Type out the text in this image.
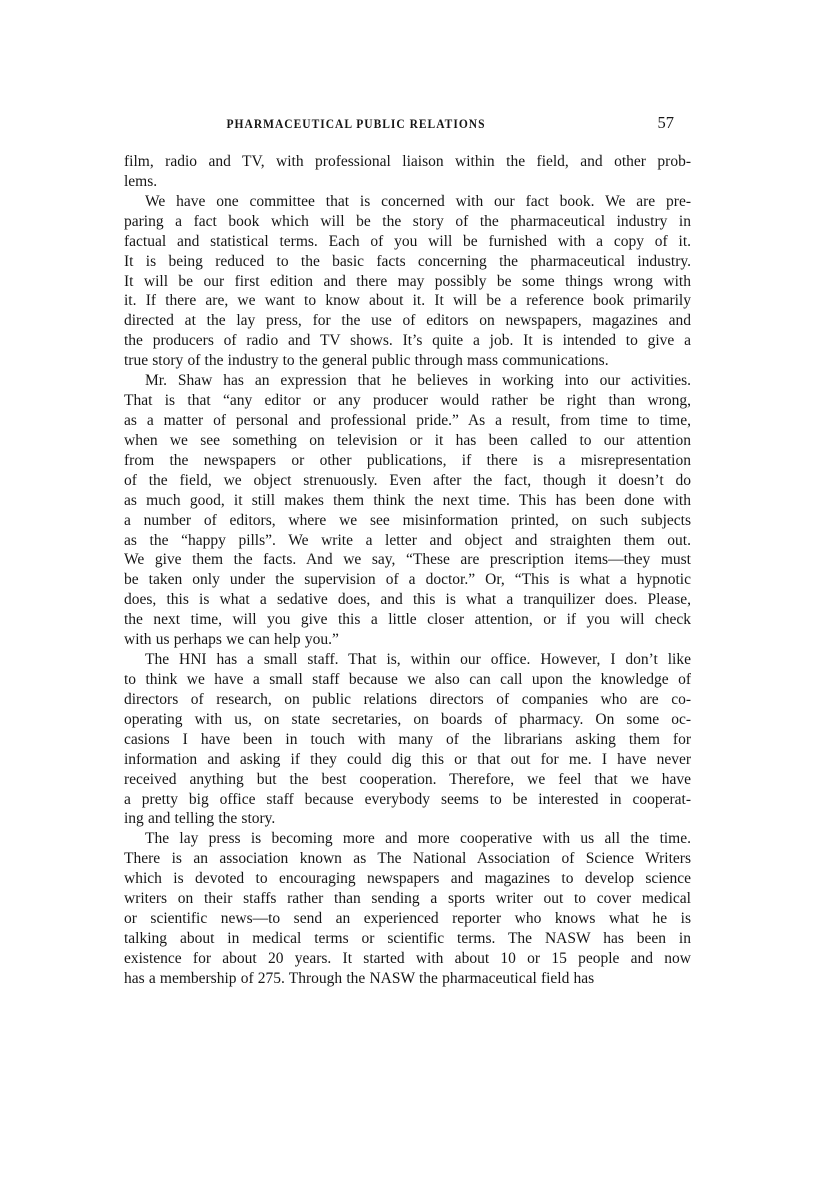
PHARMACEUTICAL PUBLIC RELATIONS	57
film, radio and TV, with professional liaison within the field, and other prob-
lems.
We have one committee that is concerned with our fact book. We are pre-
paring a fact book which will be the story of the pharmaceutical industry in
factual and statistical terms. Each of you will be furnished with a copy of it.
It is being reduced to the basic facts concerning the pharmaceutical industry.
It will be our first edition and there may possibly be some things wrong with
it. If there are, we want to know about it. It will be a reference book primarily
directed at the lay press, for the use of editors on newspapers, magazines and
the producers of radio and TV shows. It’s quite a job. It is intended to give a
true story of the industry to the general public through mass communications.
Mr. Shaw has an expression that he believes in working into our activities.
That is that “any editor or any producer would rather be right than wrong,
as a matter of personal and professional pride.” As a result, from time to time,
when we see something on television or it has been called to our attention
from the newspapers or other publications, if there is a misrepresentation
of the field, we object strenuously. Even after the fact, though it doesn’t do
as much good, it still makes them think the next time. This has been done with
a number of editors, where we see misinformation printed, on such subjects
as the “happy pills”. We write a letter and object and straighten them out.
We give them the facts. And we say, “These are prescription items—they must
be taken only under the supervision of a doctor.” Or, “This is what a hypnotic
does, this is what a sedative does, and this is what a tranquilizer does. Please,
the next time, will you give this a little closer attention, or if you will check
with us perhaps we can help you.”
The HNI has a small staff. That is, within our office. However, I don’t like
to think we have a small staff because we also can call upon the knowledge of
directors of research, on public relations directors of companies who are co-
operating with us, on state secretaries, on boards of pharmacy. On some oc-
casions I have been in touch with many of the librarians asking them for
information and asking if they could dig this or that out for me. I have never
received anything but the best cooperation. Therefore, we feel that we have
a pretty big office staff because everybody seems to be interested in cooperat-
ing and telling the story.
The lay press is becoming more and more cooperative with us all the time.
There is an association known as The National Association of Science Writers
which is devoted to encouraging newspapers and magazines to develop science
writers on their staffs rather than sending a sports writer out to cover medical
or scientific news—to send an experienced reporter who knows what he is
talking about in medical terms or scientific terms. The NASW has been in
existence for about 20 years. It started with about 10 or 15 people and now
has a membership of 275. Through the NASW the pharmaceutical field has
